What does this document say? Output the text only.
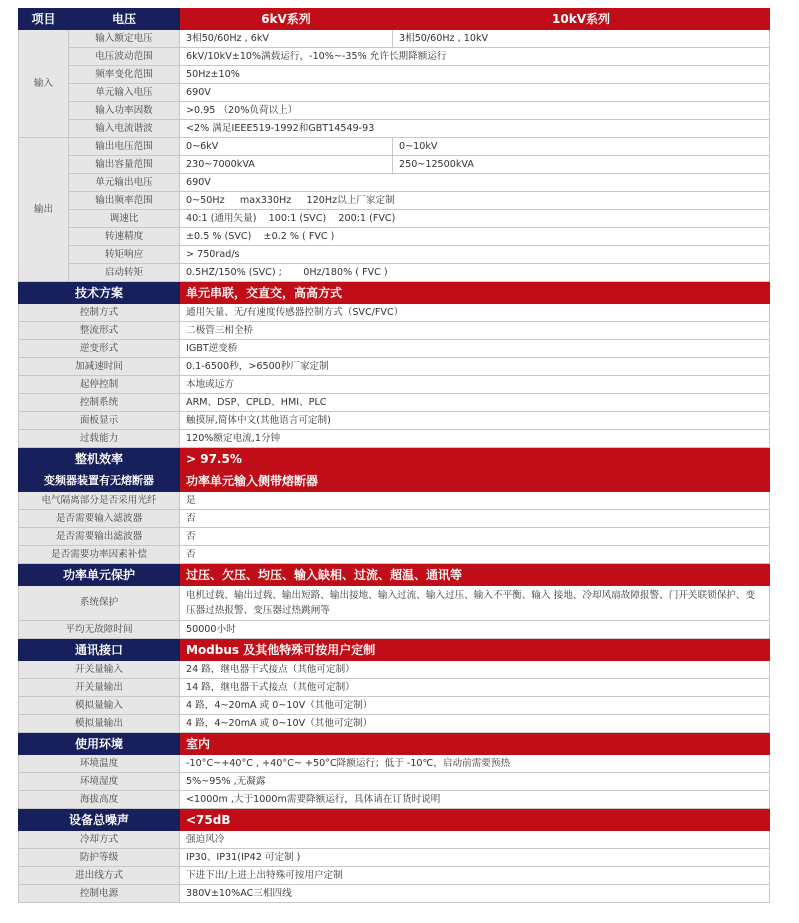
项目	电压	6kV系列	10kV系列
输入	输入额定电压	3相50/60Hz , 6kV	3相50/60Hz , 10kV
	电压波动范围	6kV/10kV±10%满载运行，-10%~-35% 允许长期降额运行	
	频率变化范围	50Hz±10%	
	单元输入电压	690V	
	输入功率因数	>0.95 （20%负荷以上）	
	输入电流谐波	<2% 满足IEEE519-1992和GBT14549-93	
输出	输出电压范围	0~6kV	0~10kV
	输出容量范围	230~7000kVA	250~12500kVA
	单元输出电压	690V	
	输出频率范围	0~50Hz     max330Hz     120Hz以上厂家定制	
	调速比	40:1 (通用矢量)    100:1 (SVC)    200:1 (FVC)	
	转速精度	±0.5 % (SVC)    ±0.2 % ( FVC )	
	转矩响应	> 750rad/s	
	启动转矩	0.5HZ/150% (SVC) ;       0Hz/180% ( FVC )	
技术方案		单元串联，交直交，高高方式	
控制方式		通用矢量、无/有速度传感器控制方式（SVC/FVC）	
整流形式		二极管三相全桥	
逆变形式		IGBT逆变桥	
加减速时间		0.1-6500秒，>6500秒厂家定制	
起停控制		本地或远方	
控制系统		ARM、DSP、CPLD、HMI、PLC	
面板显示		触摸屏,简体中文(其他语言可定制)	
过载能力		120%额定电流,1分钟	
整机效率		> 97.5%	
变频器装置有无熔断器		功率单元输入侧带熔断器	
电气隔离部分是否采用光纤		是	
是否需要输入滤波器		否	
是否需要输出滤波器		否	
是否需要功率因素补偿		否	
功率单元保护		过压、欠压、均压、输入缺相、过流、超温、通讯等	
系统保护		电机过载、输出过载、输出短路、输出接地、输入过流、输入过压、输入不平衡、输入 接地、冷却风扇故障报警、门开关联锁保护、变压器过热报警、变压器过热跳闸等	
平均无故障时间		50000小时	
通讯接口		Modbus 及其他特殊可按用户定制	
开关量输入		24 路，继电器干式接点（其他可定制）	
开关量输出		14 路，继电器干式接点（其他可定制）	
模拟量输入		4 路，4~20mA 或 0~10V（其他可定制）	
模拟量输出		4 路，4~20mA 或 0~10V（其他可定制）	
使用环境		室内	
环境温度		-10°C~+40°C , +40°C~ +50°C降额运行；低于 -10℃，启动前需要预热	
环境湿度		5%~95% ,无凝露	
海拔高度		<1000m ,大于1000m需要降额运行，具体请在订货时说明	
设备总噪声		<75dB	
冷却方式		强迫风冷	
防护等级		IP30、IP31(IP42 可定制 )	
进出线方式		下进下出/上进上出特殊可按用户定制	
控制电源		380V±10%AC三相四线	
